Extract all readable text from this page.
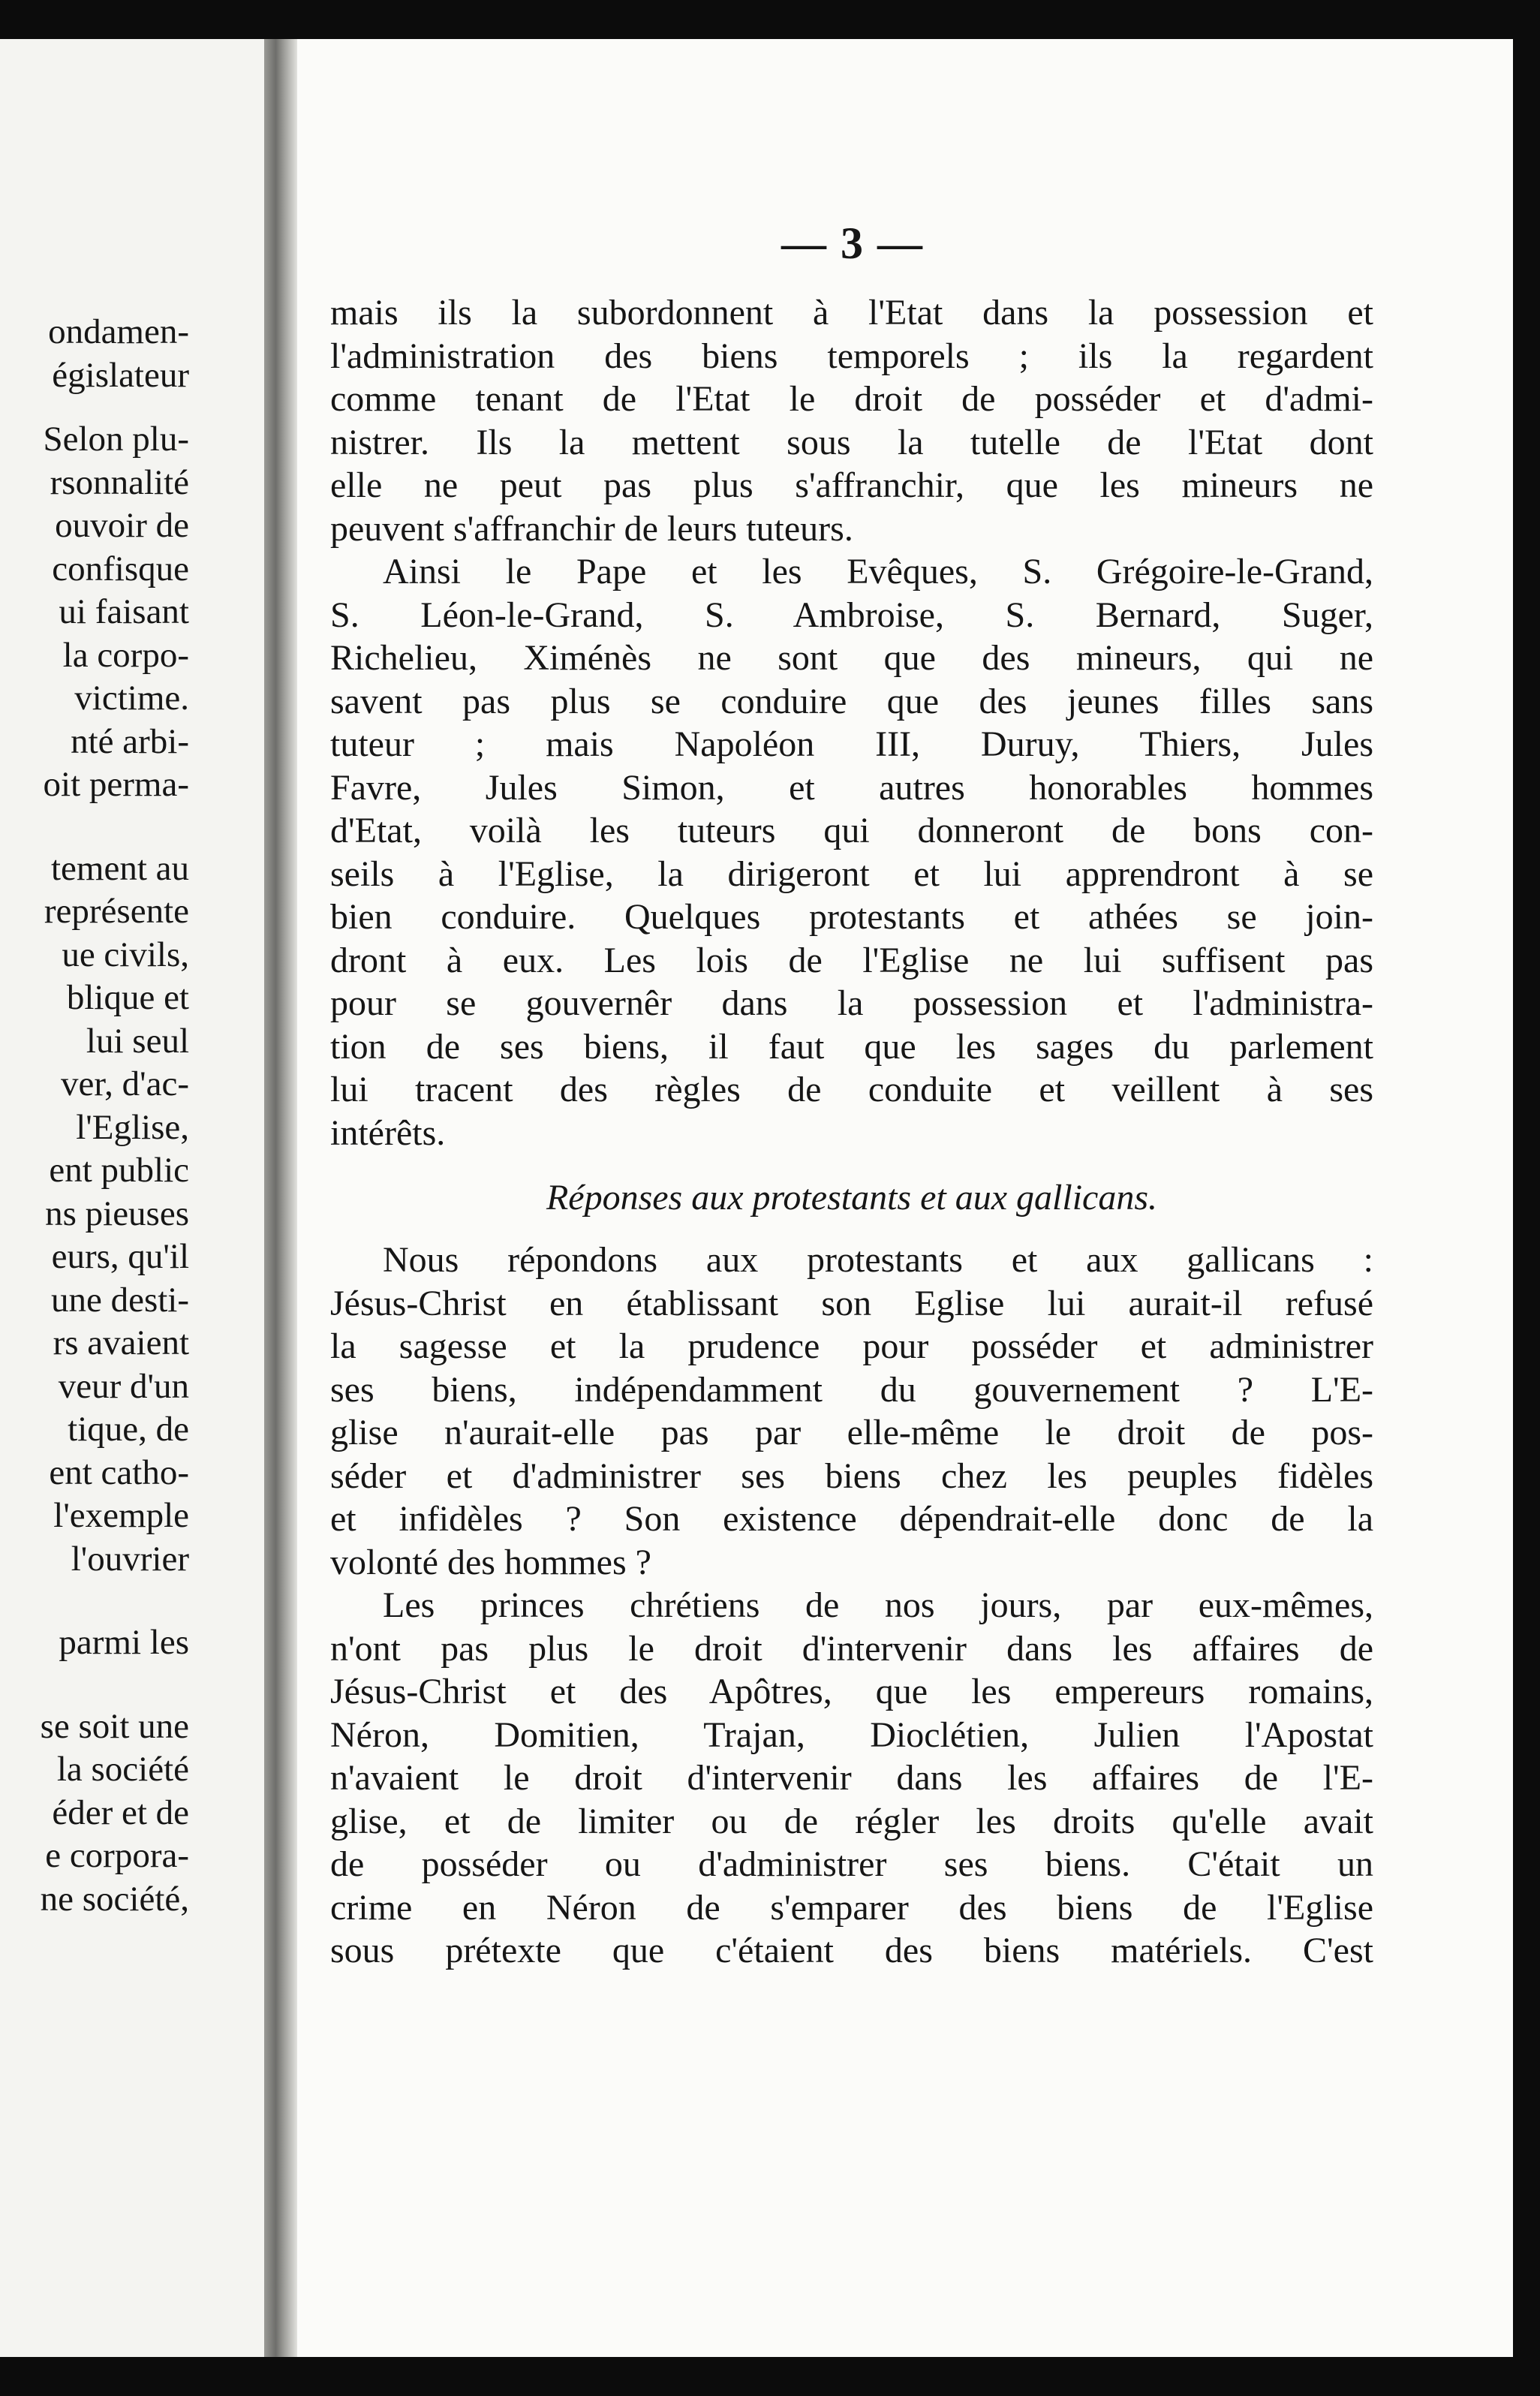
ondamen-
égislateur
Selon plu-
rsonnalité
ouvoir de
confisque
ui faisant
la corpo-
victime.
nté arbi-
oit perma-
tement au
représente
ue civils,
blique et
lui seul
ver, d'ac-
l'Eglise,
ent public
ns pieuses
eurs, qu'il
une desti-
rs avaient
veur d'un
tique, de
ent catho-
l'exemple
l'ouvrier
parmi les
se soit une
la société
éder et de
e corpora-
ne société,
— 3 —
mais ils la subordonnent à l'Etat dans la possession et
l'administration des biens temporels ; ils la regardent
comme tenant de l'Etat le droit de posséder et d'admi-
nistrer. Ils la mettent sous la tutelle de l'Etat dont
elle ne peut pas plus s'affranchir, que les mineurs ne
peuvent s'affranchir de leurs tuteurs.
Ainsi le Pape et les Evêques, S. Grégoire-le-Grand,
S. Léon-le-Grand, S. Ambroise, S. Bernard, Suger,
Richelieu, Ximénès ne sont que des mineurs, qui ne
savent pas plus se conduire que des jeunes filles sans
tuteur ; mais Napoléon III, Duruy, Thiers, Jules
Favre, Jules Simon, et autres honorables hommes
d'Etat, voilà les tuteurs qui donneront de bons con-
seils à l'Eglise, la dirigeront et lui apprendront à se
bien conduire. Quelques protestants et athées se join-
dront à eux. Les lois de l'Eglise ne lui suffisent pas
pour se gouvernêr dans la possession et l'administra-
tion de ses biens, il faut que les sages du parlement
lui tracent des règles de conduite et veillent à ses
intérêts.
Réponses aux protestants et aux gallicans.
Nous répondons aux protestants et aux gallicans :
Jésus-Christ en établissant son Eglise lui aurait-il refusé
la sagesse et la prudence pour posséder et administrer
ses biens, indépendamment du gouvernement ? L'E-
glise n'aurait-elle pas par elle-même le droit de pos-
séder et d'administrer ses biens chez les peuples fidèles
et infidèles ? Son existence dépendrait-elle donc de la
volonté des hommes ?
Les princes chrétiens de nos jours, par eux-mêmes,
n'ont pas plus le droit d'intervenir dans les affaires de
Jésus-Christ et des Apôtres, que les empereurs romains,
Néron, Domitien, Trajan, Dioclétien, Julien l'Apostat
n'avaient le droit d'intervenir dans les affaires de l'E-
glise, et de limiter ou de régler les droits qu'elle avait
de posséder ou d'administrer ses biens. C'était un
crime en Néron de s'emparer des biens de l'Eglise
sous prétexte que c'étaient des biens matériels. C'est
